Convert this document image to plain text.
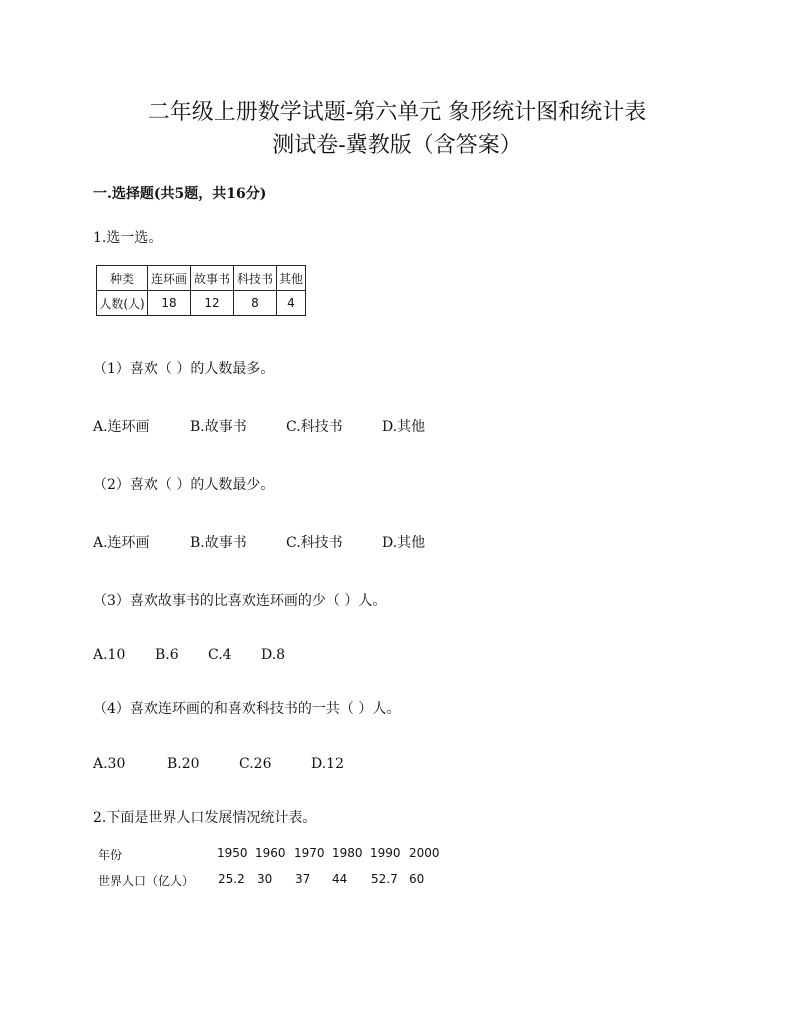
二年级上册数学试题-第六单元 象形统计图和统计表
测试卷-冀教版（含答案）
一.选择题(共5题，共16分)
1.选一选。
种类	连环画	故事书	科技书	其他
人数(人)	18	12	8	4
（1）喜欢（ ）的人数最多。
A.连环画	B.故事书	C.科技书	D.其他
（2）喜欢（ ）的人数最少。
A.连环画	B.故事书	C.科技书	D.其他
（3）喜欢故事书的比喜欢连环画的少（ ）人。
A.10 B.6 C.4 D.8
（4）喜欢连环画的和喜欢科技书的一共（ ）人。
A.30	B.20	C.26	D.12
2.下面是世界人口发展情况统计表。
年份	1950 1960 1970 1980 1990 2000
世界人口（亿人） 25.2 30 37 44 52.7 60
